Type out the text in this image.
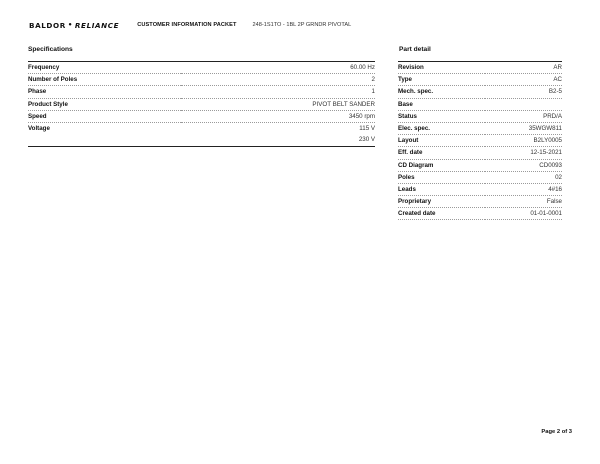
BALDOR • RELIANCE	CUSTOMER INFORMATION PACKET	248-1S1TO - 1BL 2P GRNDR PIVOTAL
Specifications	Part detail
Frequency	60.00 Hz
Number of Poles	2
Phase	1
Product Style	PIVOT BELT SANDER
Speed	3450 rpm
Voltage	115 V
	230 V
Revision	AR
Type	AC
Mech. spec.	B2-5
Base	
Status	PRD/A
Elec. spec.	35WGW811
Layout	B2LY0005
Eff. date	12-15-2021
CD Diagram	CD0093
Poles	02
Leads	4#16
Proprietary	False
Created date	01-01-0001
Page 2 of 3
